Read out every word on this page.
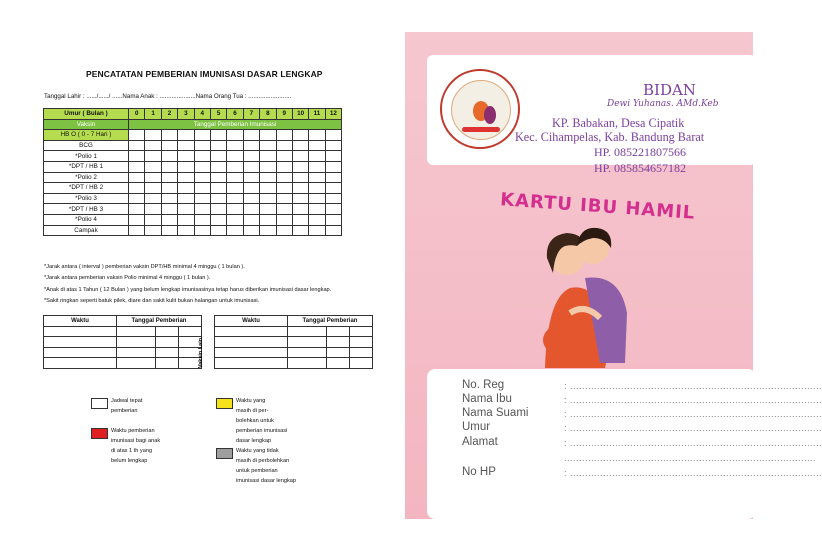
PENCATATAN PEMBERIAN IMUNISASI DASAR LENGKAP
Tanggal Lahir : ....../....../ ......Nama Anak : .....................Nama Orang Tua : .........................
Umur ( Bulan )	0	1	2	3	4	5	6	7	8	9	10	11	12
Vaksin	Tanggal Pemberian Imunisasi												
HB O ( 0 - 7 Hari )													
BCG													
*Polio 1													
*DPT / HB 1													
*Polio 2													
*DPT / HB 2													
*Polio 3													
*DPT / HB 3													
*Polio 4													
Campak													
*Jarak antara ( interval ) pemberian vaksin DPT/HB minimal 4 minggu ( 1 bulan ).
*Jarak antara pemberian vaksin Polio minimal 4 minggu ( 1 bulan ).
*Anak di atas 1 Tahun ( 12 Bulan ) yang belum lengkap imunisasinya tetap harus diberikan imunisasi dasar lengkap.
*Sakit ringkan seperti batuk pilek, diare dan sakit kulit bukan halangan untuk imunisasi.
Waktu	Tanggal Pemberian		

Vaksin Lain
Waktu	Tanggal Pemberian		

Jadwal tepat
pemberian
Waktu pemberian
imunisasi bagi anak
di atas 1 th yang
belum lengkap
Waktu yang
masih di per-
bolehkan untuk
pemberian imunisasi
dasar lengkap
Waktu yang tidak
masih di perbolehkan
untuk pemberian
imunisasi dasar lengkap
BIDAN
Dewi Yuhanas. AMd.Keb
KP. Babakan, Desa Cipatik
Kec. Cihampelas, Kab. Bandung Barat
HP. 085221807566
HP. 085854657182
KARTU IBU HAMIL
No. Reg	: ....................................................................................
Nama Ibu	: ....................................................................................
Nama Suami	: ....................................................................................
Umur	: ....................................................................................
Alamat	: ....................................................................................
No HP	: ....................................................................................
....................................................................................
